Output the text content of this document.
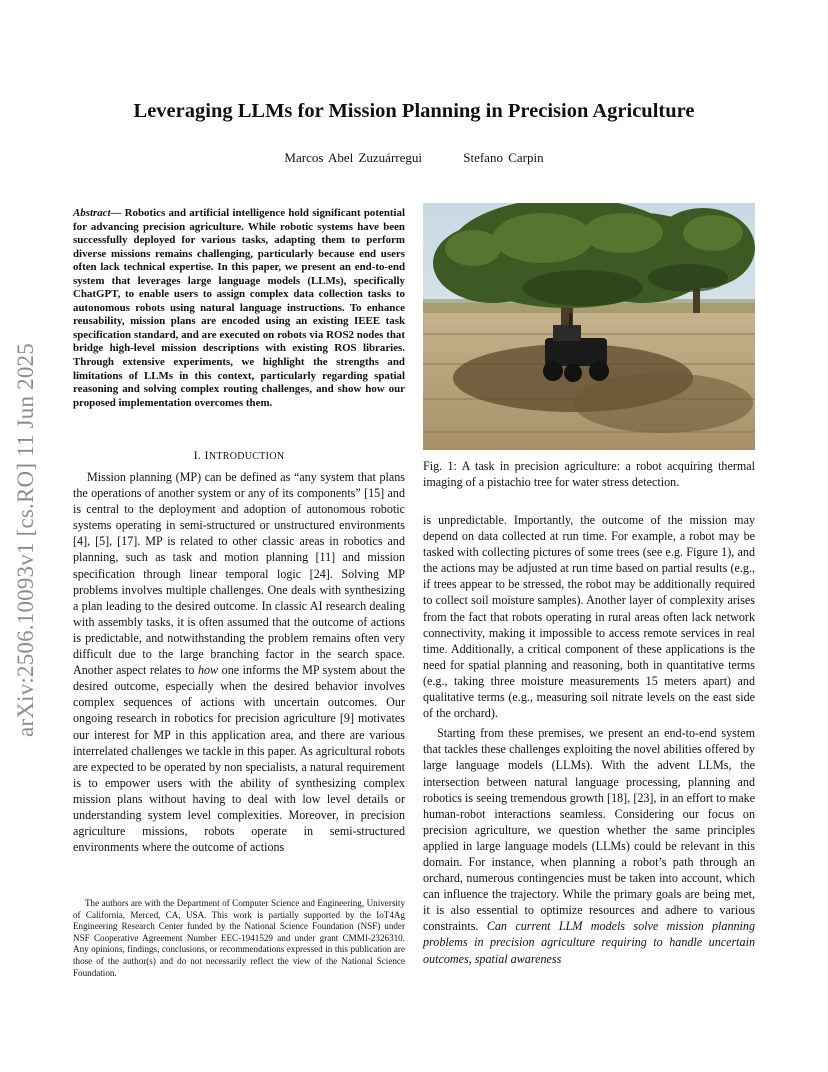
arXiv:2506.10093v1 [cs.RO] 11 Jun 2025
Leveraging LLMs for Mission Planning in Precision Agriculture
Marcos Abel Zuzuárregui	Stefano Carpin
Abstract— Robotics and artificial intelligence hold significant potential for advancing precision agriculture. While robotic systems have been successfully deployed for various tasks, adapting them to perform diverse missions remains challenging, particularly because end users often lack technical expertise. In this paper, we present an end-to-end system that leverages large language models (LLMs), specifically ChatGPT, to enable users to assign complex data collection tasks to autonomous robots using natural language instructions. To enhance reusability, mission plans are encoded using an existing IEEE task specification standard, and are executed on robots via ROS2 nodes that bridge high-level mission descriptions with existing ROS libraries. Through extensive experiments, we highlight the strengths and limitations of LLMs in this context, particularly regarding spatial reasoning and solving complex routing challenges, and show how our proposed implementation overcomes them.
I. INTRODUCTION

Mission planning (MP) can be defined as “any system that plans the operations of another system or any of its components” [15] and is central to the deployment and adoption of autonomous robotic systems operating in semi-structured or unstructured environments [4], [5], [17]. MP is related to other classic areas in robotics and planning, such as task and motion planning [11] and mission specification through linear temporal logic [24]. Solving MP problems involves multiple challenges. One deals with synthesizing a plan leading to the desired outcome. In classic AI research dealing with assembly tasks, it is often assumed that the outcome of actions is predictable, and notwithstanding the problem remains often very difficult due to the large branching factor in the search space. Another aspect relates to how one informs the MP system about the desired outcome, especially when the desired behavior involves complex sequences of actions with uncertain outcomes. Our ongoing research in robotics for precision agriculture [9] motivates our interest for MP in this application area, and there are various interrelated challenges we tackle in this paper. As agricultural robots are expected to be operated by non specialists, a natural requirement is to empower users with the ability of synthesizing complex mission plans without having to deal with low level details or understanding system level complexities. Moreover, in precision agriculture missions, robots operate in semi-structured environments where the outcome of actions

The authors are with the Department of Computer Science and Engineering, University of California, Merced, CA, USA. This work is partially supported by the IoT4Ag Engineering Research Center funded by the National Science Foundation (NSF) under NSF Cooperative Agreement Number EEC-1941529 and under grant CMMI-2326310. Any opinions, findings, conclusions, or recommendations expressed in this publication are those of the author(s) and do not necessarily reflect the view of the National Science Foundation.
Fig. 1: A task in precision agriculture: a robot acquiring thermal imaging of a pistachio tree for water stress detection.

is unpredictable. Importantly, the outcome of the mission may depend on data collected at run time. For example, a robot may be tasked with collecting pictures of some trees (see e.g. Figure 1), and the actions may be adjusted at run time based on partial results (e.g., if trees appear to be stressed, the robot may be additionally required to collect soil moisture samples). Another layer of complexity arises from the fact that robots operating in rural areas often lack network connectivity, making it impossible to access remote services in real time. Additionally, a critical component of these applications is the need for spatial planning and reasoning, both in quantitative terms (e.g., taking three moisture measurements 15 meters apart) and qualitative terms (e.g., measuring soil nitrate levels on the east side of the orchard).

Starting from these premises, we present an end-to-end system that tackles these challenges exploiting the novel abilities offered by large language models (LLMs). With the advent LLMs, the intersection between natural language processing, planning and robotics is seeing tremendous growth [18], [23], in an effort to make human-robot interactions seamless. Considering our focus on precision agriculture, we question whether the same principles applied in large language models (LLMs) could be relevant in this domain. For instance, when planning a robot’s path through an orchard, numerous contingencies must be taken into account, which can influence the trajectory. While the primary goals are being met, it is also essential to optimize resources and adhere to various constraints. Can current LLM models solve mission planning problems in precision agriculture requiring to handle uncertain outcomes, spatial awareness
